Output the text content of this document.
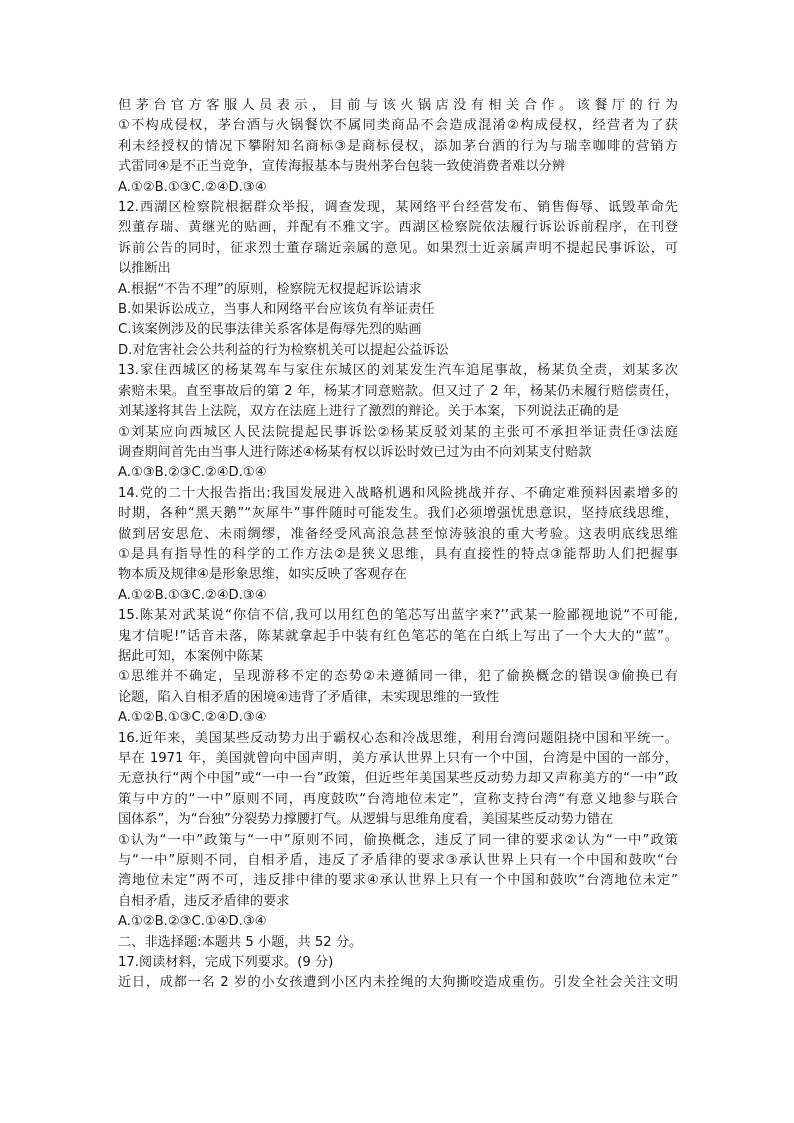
但茅台官方客服人员表示，目前与该火锅店没有相关合作。该餐厅的行为
①不构成侵权，茅台酒与火锅餐饮不属同类商品不会造成混淆②构成侵权，经营者为了获
利未经授权的情况下攀附知名商标③是商标侵权，添加茅台酒的行为与瑞幸咖啡的营销方
式雷同④是不正当竞争，宣传海报基本与贵州茅台包装一致使消费者难以分辨
A.①②B.①③C.②④D.③④
12.西湖区检察院根据群众举报，调查发现，某网络平台经营发布、销售侮辱、诋毁革命先
烈董存瑞、黄继光的贴画，并配有不雅文字。西湖区检察院依法履行诉讼诉前程序，在刊登
诉前公告的同时，征求烈士董存瑞近亲属的意见。如果烈士近亲属声明不提起民事诉讼，可
以推断出
A.根据“不告不理”的原则，检察院无权提起诉讼请求
B.如果诉讼成立，当事人和网络平台应该负有举证责任
C.该案例涉及的民事法律关系客体是侮辱先烈的贴画
D.对危害社会公共利益的行为检察机关可以提起公益诉讼
13.家住西城区的杨某驾车与家住东城区的刘某发生汽车追尾事故，杨某负全责，刘某多次
索赔未果。直至事故后的第 2 年，杨某才同意赔款。但又过了 2 年，杨某仍未履行赔偿责任，
刘某遂将其告上法院，双方在法庭上进行了激烈的辩论。关于本案，下列说法正确的是
①刘某应向西城区人民法院提起民事诉讼②杨某反驳刘某的主张可不承担举证责任③法庭
调查期间首先由当事人进行陈述④杨某有权以诉讼时效已过为由不向刘某支付赔款
A.①③B.②③C.②④D.①④
14.党的二十大报告指出:我国发展进入战略机遇和风险挑战并存、不确定难预料因素增多的
时期，各种“黑天鹅”“灰犀牛”事件随时可能发生。我们必须增强忧患意识，坚持底线思维，
做到居安思危、未雨绸缪，准备经受风高浪急甚至惊涛骇浪的重大考验。这表明底线思维
①是具有指导性的科学的工作方法②是狭义思维，具有直接性的特点③能帮助人们把握事
物本质及规律④是形象思维，如实反映了客观存在
A.①②B.①③C.②④D.③④
15.陈某对武某说“你信不信,我可以用红色的笔芯写出蓝字来?’’武某一脸鄙视地说“不可能,
鬼才信呢!”话音未落，陈某就拿起手中装有红色笔芯的笔在白纸上写出了一个大大的“蓝”。
据此可知，本案例中陈某
①思维并不确定，呈现游移不定的态势②未遵循同一律，犯了偷换概念的错误③偷换已有
论题，陷入自相矛盾的困境④违背了矛盾律，未实现思维的一致性
A.①②B.①③C.②④D.③④
16.近年来，美国某些反动势力出于霸权心态和冷战思维，利用台湾问题阻挠中国和平统一。
早在 1971 年，美国就曾向中国声明，美方承认世界上只有一个中国，台湾是中国的一部分，
无意执行“两个中国”或“一中一台”政策，但近些年美国某些反动势力却又声称美方的“一中”政
策与中方的“一中”原则不同，再度鼓吹“台湾地位未定”，宣称支持台湾“有意义地参与联合
国体系”，为“台独”分裂势力撑腰打气。从逻辑与思维角度看，美国某些反动势力错在
①认为“一中”政策与“一中”原则不同，偷换概念，违反了同一律的要求②认为“一中”政策
与“一中”原则不同，自相矛盾，违反了矛盾律的要求③承认世界上只有一个中国和鼓吹“台
湾地位未定”两不可，违反排中律的要求④承认世界上只有一个中国和鼓吹“台湾地位未定”
自相矛盾，违反矛盾律的要求
A.①②B.②③C.①④D.③④
二、非选择题:本题共 5 小题，共 52 分。
17.阅读材料，完成下列要求。(9 分)
近日，成都一名 2 岁的小女孩遭到小区内未拴绳的大狗撕咬造成重伤。引发全社会关注文明
